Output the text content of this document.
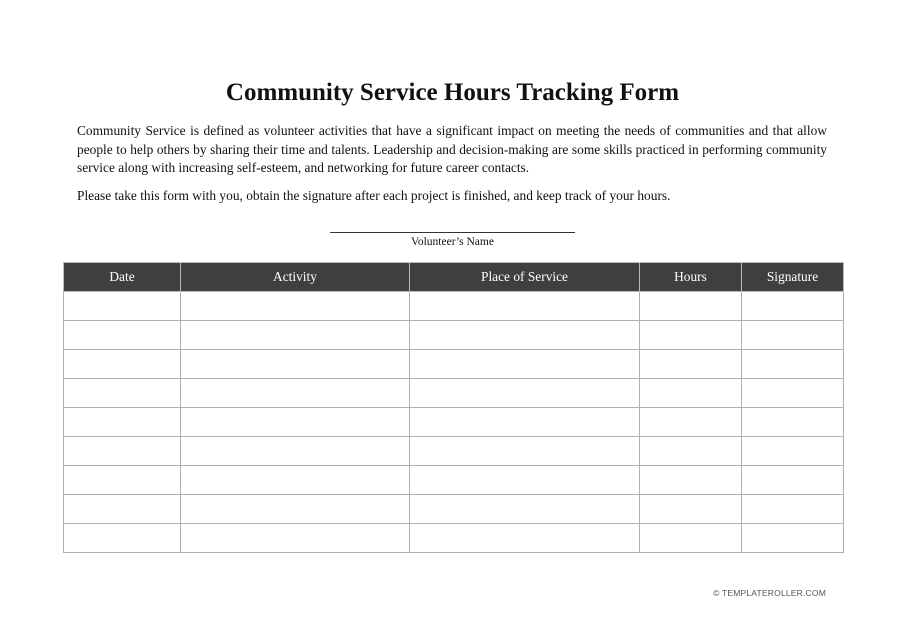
Community Service Hours Tracking Form
Community Service is defined as volunteer activities that have a significant impact on meeting the needs of communities and that allow people to help others by sharing their time and talents. Leadership and decision-making are some skills practiced in performing community service along with increasing self-esteem, and networking for future career contacts.
Please take this form with you, obtain the signature after each project is finished, and keep track of your hours.
Volunteer’s Name
Date	Activity	Place of Service	Hours	Signature

© TEMPLATEROLLER.COM
